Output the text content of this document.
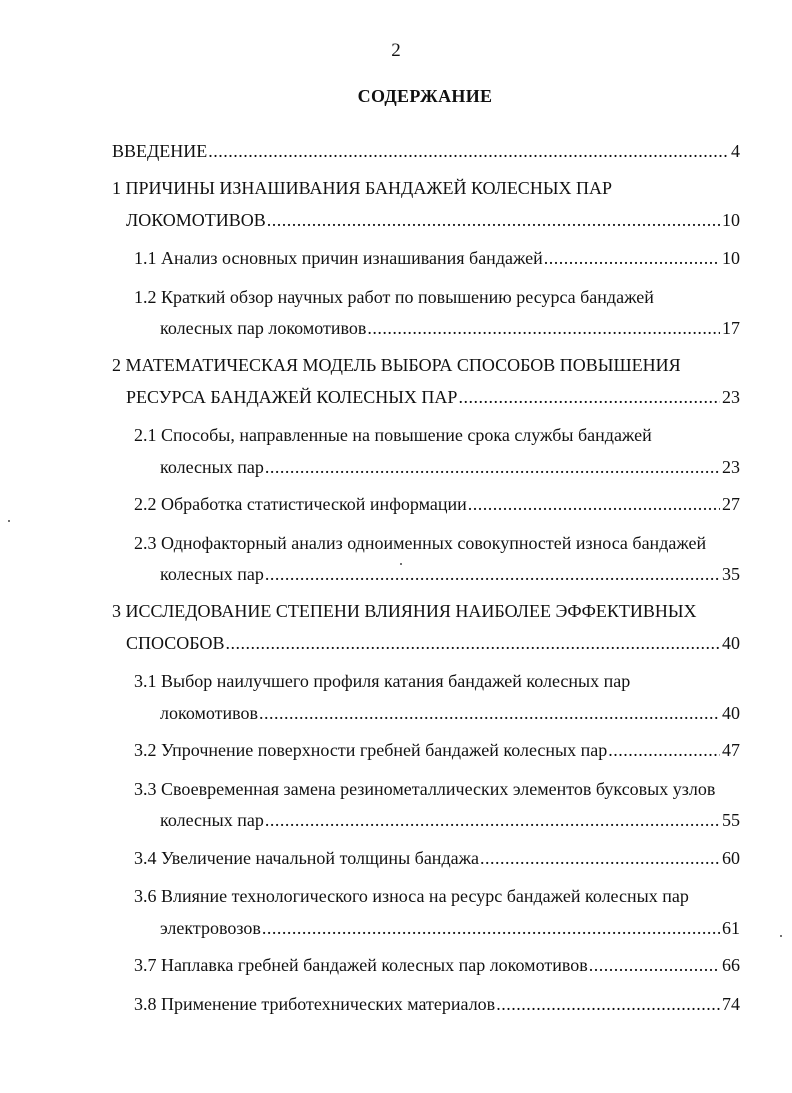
2
СОДЕРЖАНИЕ
ВВЕДЕНИЕ .....	4
1
ПРИЧИНЫ ИЗНАШИВАНИЯ БАНДАЖЕЙ КОЛЕСНЫХ ПАР
ЛОКОМОТИВОВ .....	10
1.1
Анализ основных причин изнашивания бандажей .....	10
1.2
Краткий обзор научных работ по повышению ресурса бандажей
колесных пар локомотивов .....	17
2
МАТЕМАТИЧЕСКАЯ МОДЕЛЬ ВЫБОРА СПОСОБОВ ПОВЫШЕНИЯ
РЕСУРСА БАНДАЖЕЙ КОЛЕСНЫХ ПАР .....	23
2.1
Способы, направленные на повышение срока службы бандажей
колесных пар .....	23
2.2
Обработка статистической информации .....	27
2.3
Однофакторный анализ одноименных совокупностей износа бандажей
колесных пар .....	35
3
ИССЛЕДОВАНИЕ СТЕПЕНИ ВЛИЯНИЯ НАИБОЛЕЕ ЭФФЕКТИВНЫХ
СПОСОБОВ .....	40
3.1
Выбор наилучшего профиля катания бандажей колесных пар
локомотивов .....	40
3.2
Упрочнение поверхности гребней бандажей колесных пар .....	47
3.3
Своевременная замена резинометаллических элементов буксовых узлов
колесных пар .....	55
3.4
Увеличение начальной толщины бандажа .....	60
3.6
Влияние технологического износа на ресурс бандажей колесных пар
электровозов .....	61
3.7
Наплавка гребней бандажей колесных пар локомотивов .....	66
3.8
Применение триботехнических материалов .....	74
